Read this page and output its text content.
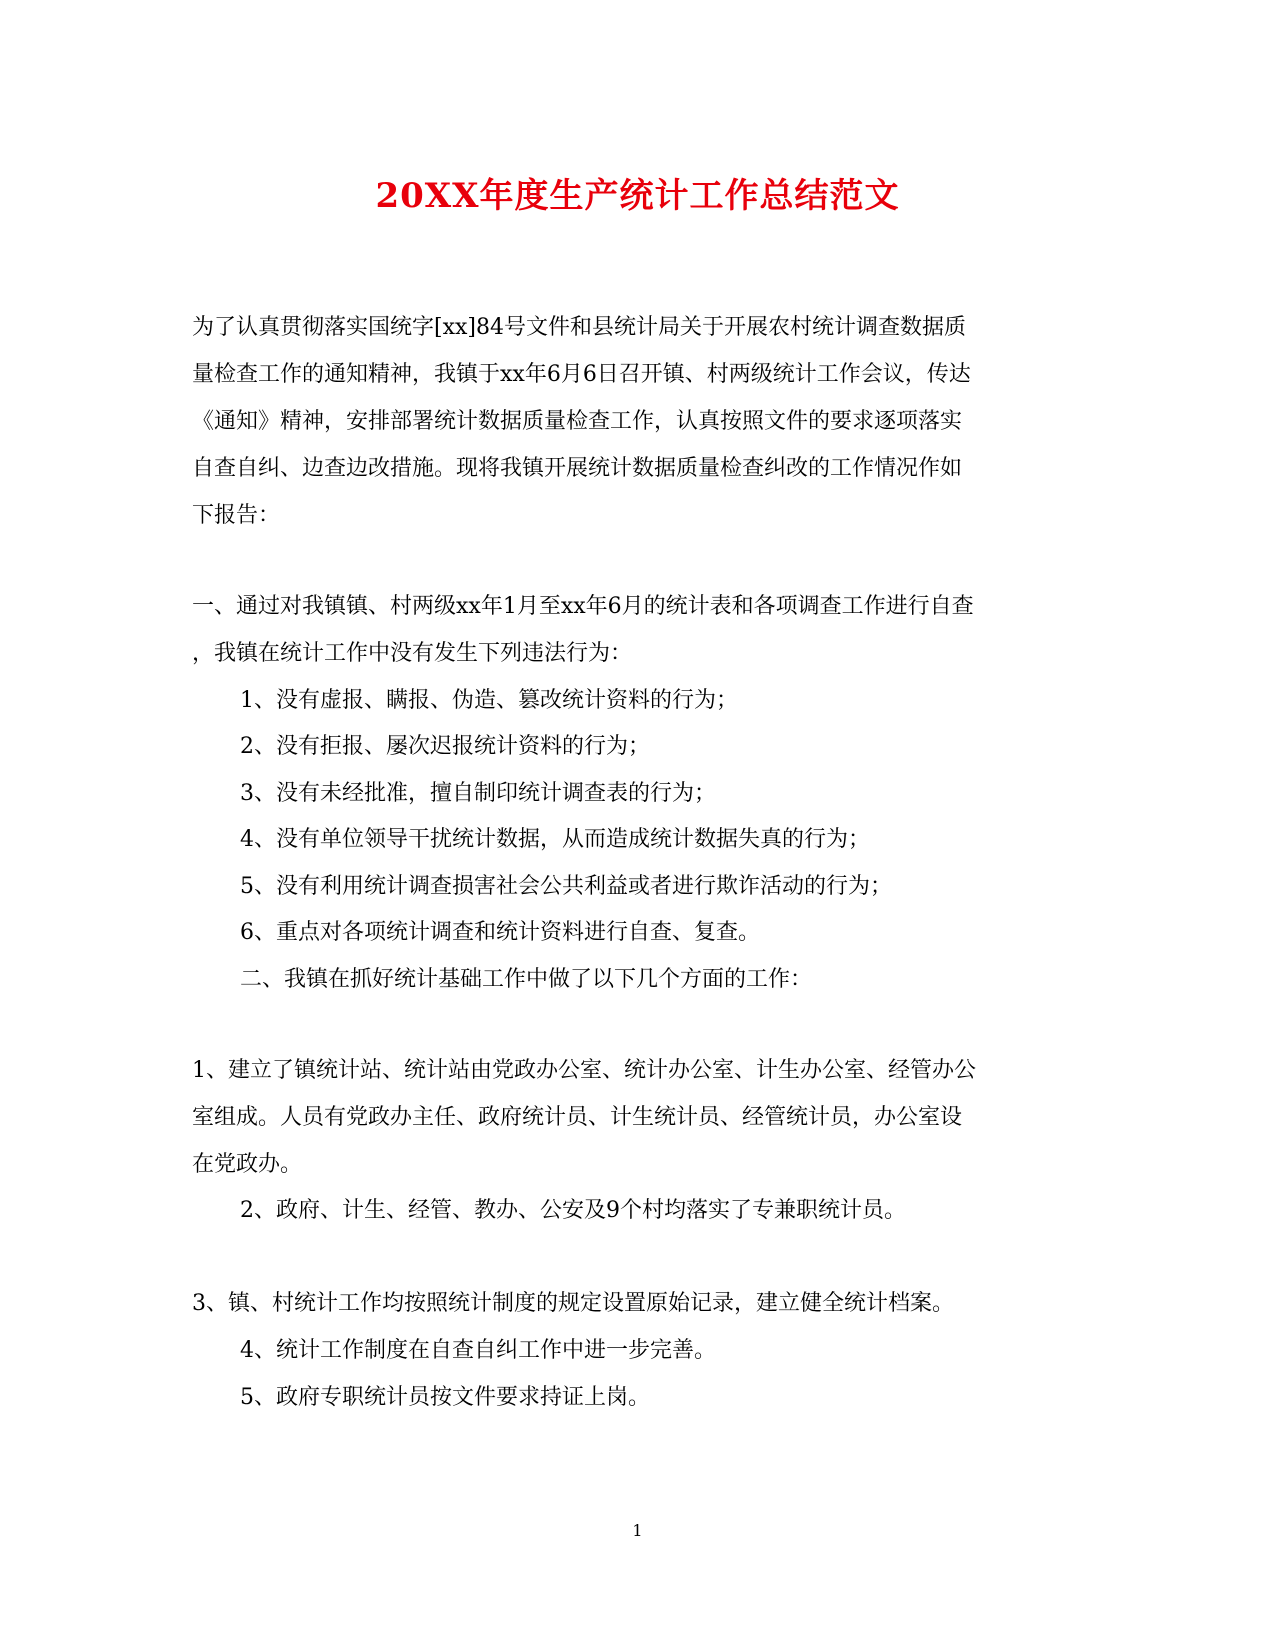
20XX年度生产统计工作总结范文
为了认真贯彻落实国统字[xx]84号文件和县统计局关于开展农村统计调查数据质
量检查工作的通知精神，我镇于xx年6月6日召开镇、村两级统计工作会议，传达
《通知》精神，安排部署统计数据质量检查工作，认真按照文件的要求逐项落实
自查自纠、边查边改措施。现将我镇开展统计数据质量检查纠改的工作情况作如
下报告：
一、通过对我镇镇、村两级xx年1月至xx年6月的统计表和各项调查工作进行自查
，我镇在统计工作中没有发生下列违法行为：
1、没有虚报、瞒报、伪造、篡改统计资料的行为；
2、没有拒报、屡次迟报统计资料的行为；
3、没有未经批准，擅自制印统计调查表的行为；
4、没有单位领导干扰统计数据，从而造成统计数据失真的行为；
5、没有利用统计调查损害社会公共利益或者进行欺诈活动的行为；
6、重点对各项统计调查和统计资料进行自查、复查。
二、我镇在抓好统计基础工作中做了以下几个方面的工作：
1、建立了镇统计站、统计站由党政办公室、统计办公室、计生办公室、经管办公
室组成。人员有党政办主任、政府统计员、计生统计员、经管统计员，办公室设
在党政办。
2、政府、计生、经管、教办、公安及9个村均落实了专兼职统计员。
3、镇、村统计工作均按照统计制度的规定设置原始记录，建立健全统计档案。
4、统计工作制度在自查自纠工作中进一步完善。
5、政府专职统计员按文件要求持证上岗。
1
